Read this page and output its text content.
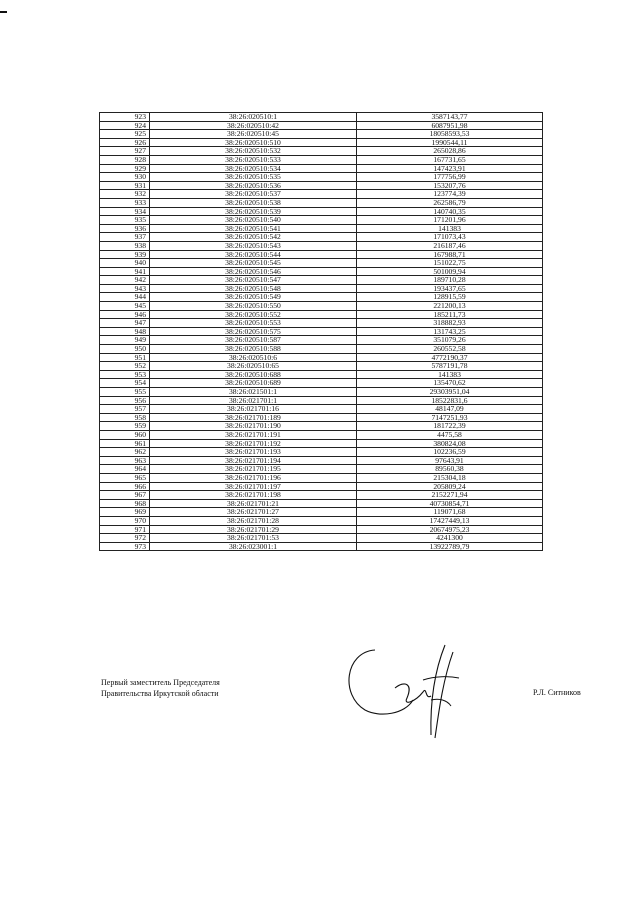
923	38:26:020510:1	3587143,77
924	38:26:020510:42	6087951,98
925	38:26:020510:45	18058593,53
926	38:26:020510:510	1990544,11
927	38:26:020510:532	265028,86
928	38:26:020510:533	167731,65
929	38:26:020510:534	147423,91
930	38:26:020510:535	177756,99
931	38:26:020510:536	153207,76
932	38:26:020510:537	123774,39
933	38:26:020510:538	262586,79
934	38:26:020510:539	140740,35
935	38:26:020510:540	171201,96
936	38:26:020510:541	141383
937	38:26:020510:542	171073,43
938	38:26:020510:543	216187,46
939	38:26:020510:544	167988,71
940	38:26:020510:545	151022,75
941	38:26:020510:546	501009,94
942	38:26:020510:547	189710,28
943	38:26:020510:548	193437,65
944	38:26:020510:549	128915,59
945	38:26:020510:550	221200,13
946	38:26:020510:552	185211,73
947	38:26:020510:553	318882,93
948	38:26:020510:575	131743,25
949	38:26:020510:587	351079,26
950	38:26:020510:588	260552,58
951	38:26:020510:6	4772190,37
952	38:26:020510:65	5787191,78
953	38:26:020510:688	141383
954	38:26:020510:689	135470,62
955	38:26:021501:1	29303951,04
956	38:26:021701:1	18522831,6
957	38:26:021701:16	48147,09
958	38:26:021701:189	7147251,93
959	38:26:021701:190	181722,39
960	38:26:021701:191	4475,58
961	38:26:021701:192	380824,08
962	38:26:021701:193	102236,59
963	38:26:021701:194	97643,91
964	38:26:021701:195	89560,38
965	38:26:021701:196	215304,18
966	38:26:021701:197	205809,24
967	38:26:021701:198	2152271,94
968	38:26:021701:21	40730854,71
969	38:26:021701:27	119071,68
970	38:26:021701:28	17427449,13
971	38:26:021701:29	20674975,23
972	38:26:021701:53	4241300
973	38:26:023001:1	13922789,79
Первый заместитель Председателя
Правительства Иркутской области	Р.Л. Ситников
